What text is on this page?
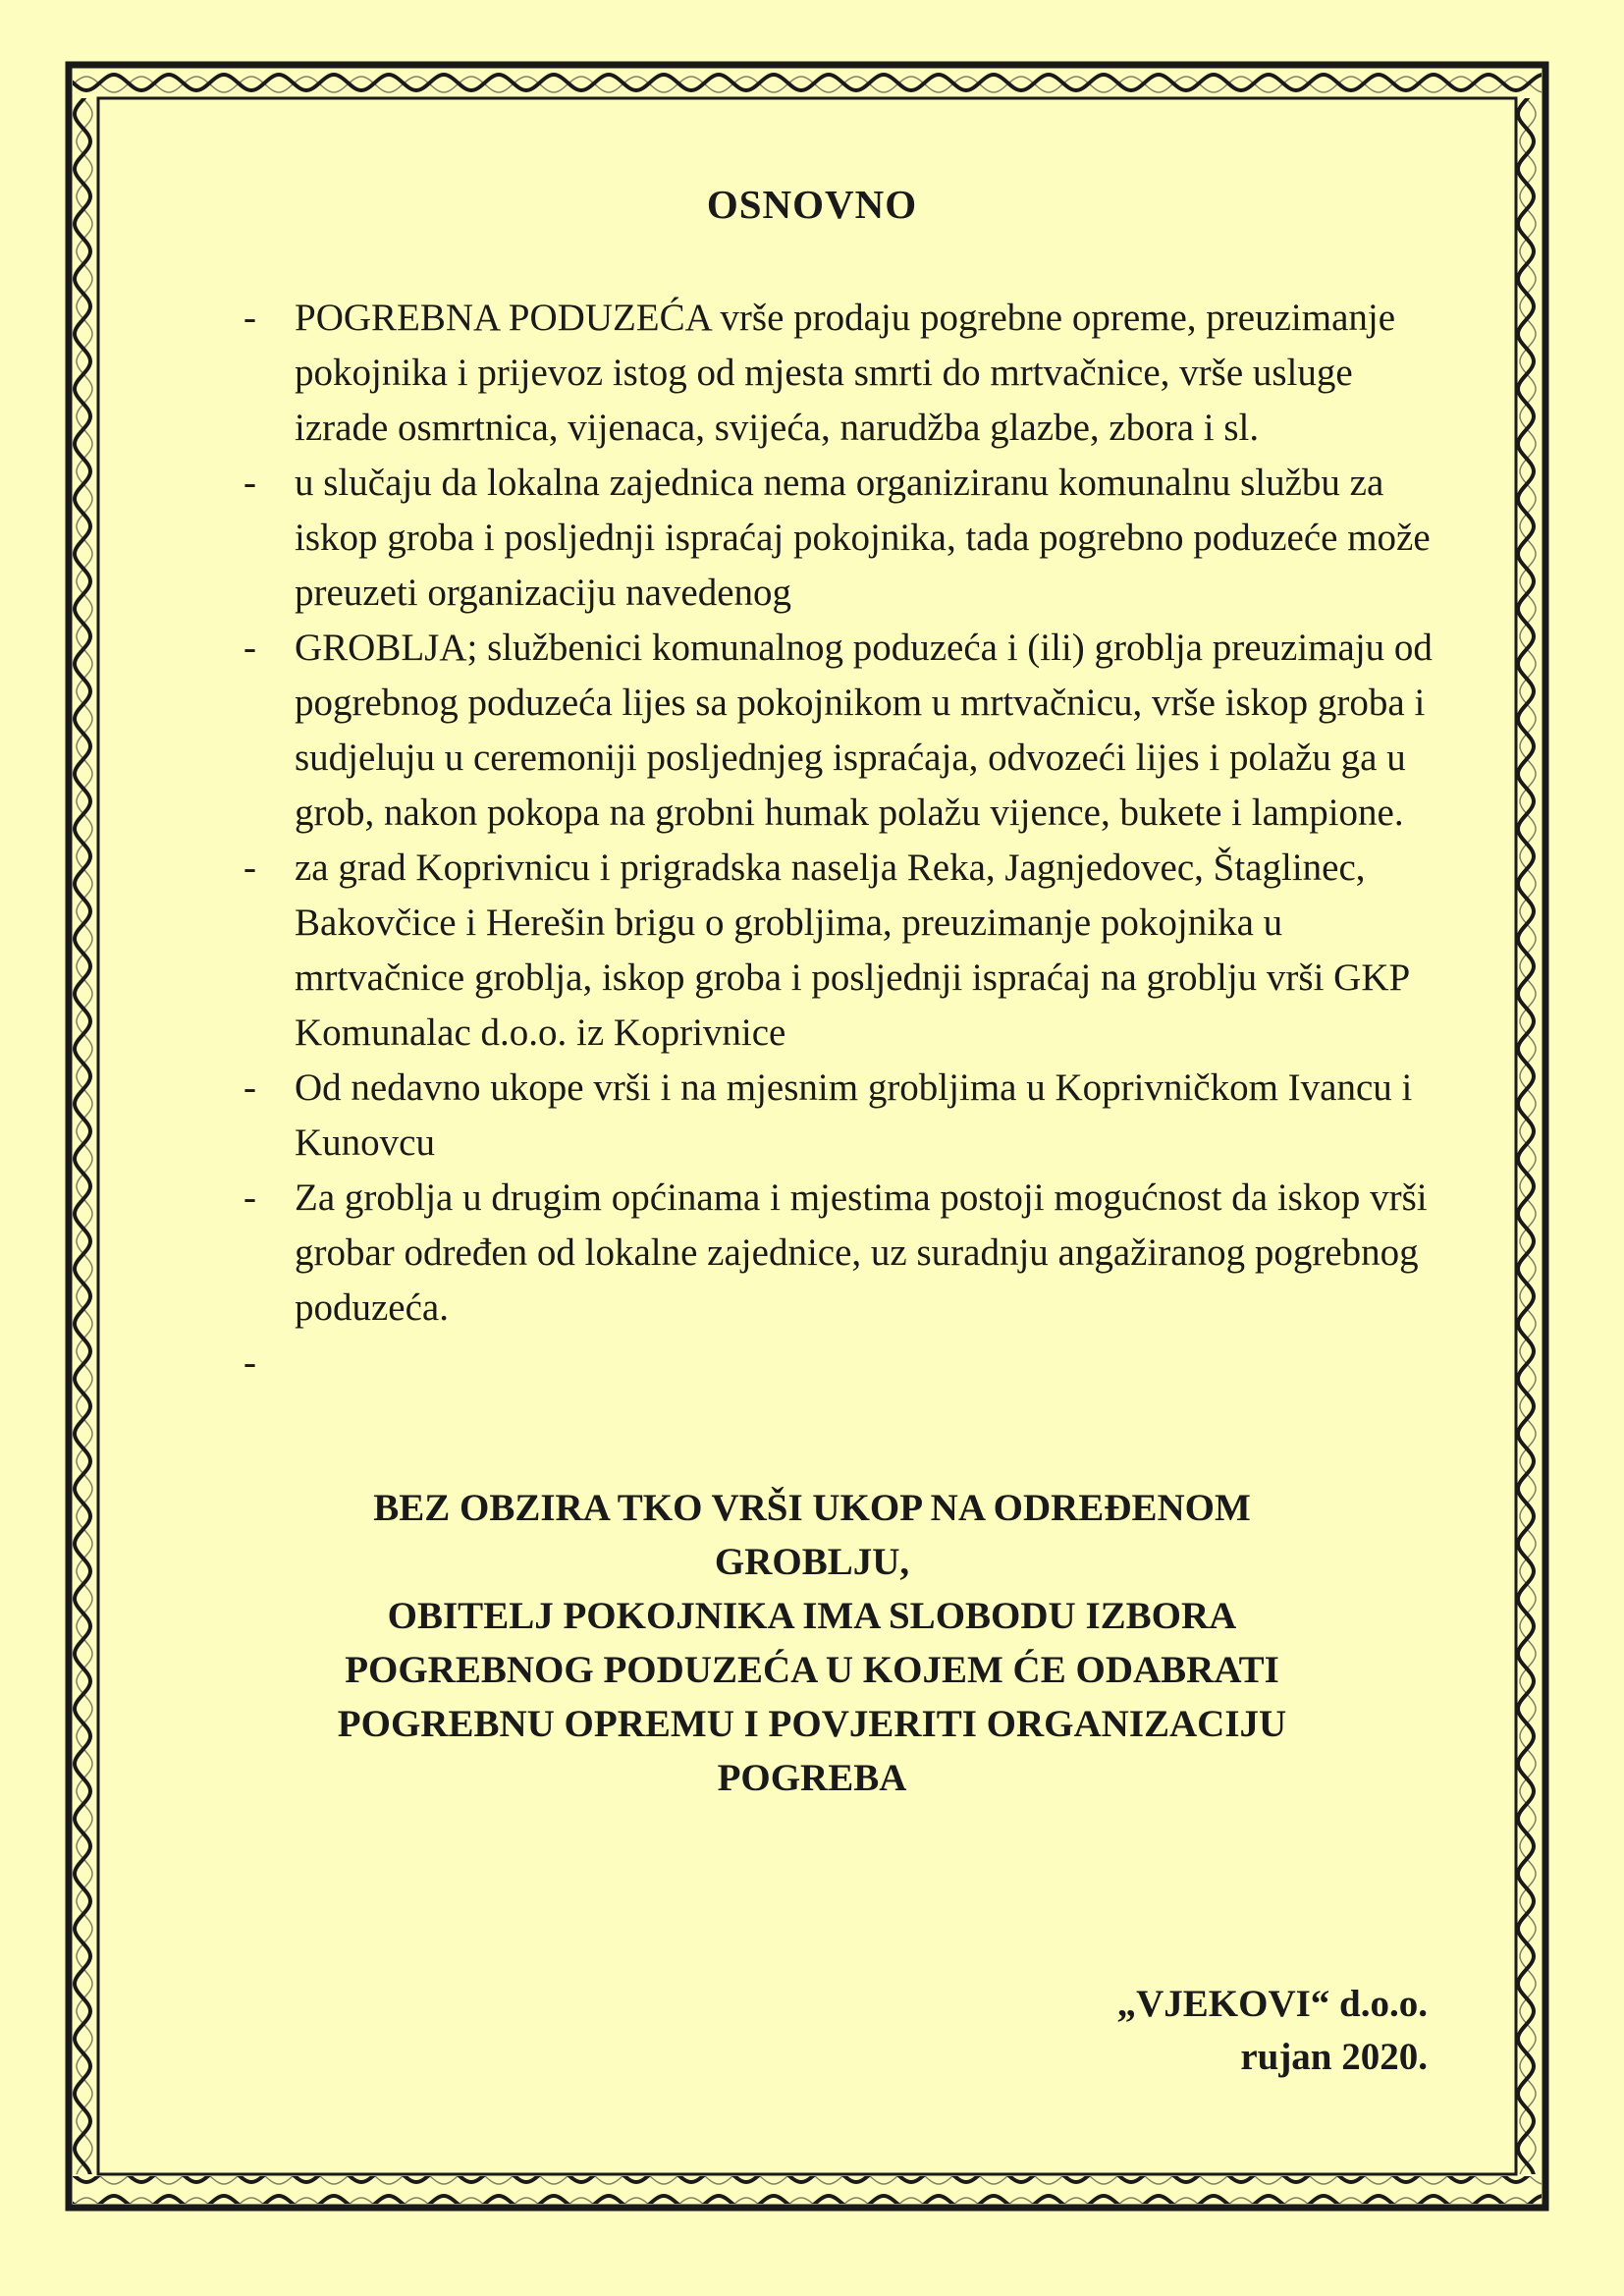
OSNOVNO
- POGREBNA PODUZEĆA vrše prodaju pogrebne opreme, preuzimanje pokojnika i prijevoz istog od mjesta smrti do mrtvačnice, vrše usluge izrade osmrtnica, vijenaca, svijeća, narudžba glazbe, zbora i sl.
- u slučaju da lokalna zajednica nema organiziranu komunalnu službu za iskop groba i posljednji ispraćaj pokojnika, tada pogrebno poduzeće može preuzeti organizaciju navedenog
- GROBLJA; službenici komunalnog poduzeća i (ili) groblja preuzimaju od pogrebnog poduzeća lijes sa pokojnikom u mrtvačnicu, vrše iskop groba i sudjeluju u ceremoniji posljednjeg ispraćaja, odvozeći lijes i polažu ga u grob, nakon pokopa na grobni humak polažu vijence, bukete i lampione.
- za grad Koprivnicu i prigradska naselja Reka, Jagnjedovec, Štaglinec, Bakovčice i Herešin brigu o grobljima, preuzimanje pokojnika u mrtvačnice groblja, iskop groba i posljednji ispraćaj na groblju vrši GKP Komunalac d.o.o. iz Koprivnice
- Od nedavno ukope vrši i na mjesnim grobljima u Koprivničkom Ivancu i Kunovcu
- Za groblja u drugim općinama i mjestima postoji mogućnost da iskop vrši grobar određen od lokalne zajednice, uz suradnju angažiranog pogrebnog poduzeća.
-
BEZ OBZIRA TKO VRŠI UKOP NA ODREĐENOM
GROBLJU,
OBITELJ POKOJNIKA IMA SLOBODU IZBORA
POGREBNOG PODUZEĆA U KOJEM ĆE ODABRATI
POGREBNU OPREMU I POVJERITI ORGANIZACIJU
POGREBA
„VJEKOVI“ d.o.o.
rujan 2020.
